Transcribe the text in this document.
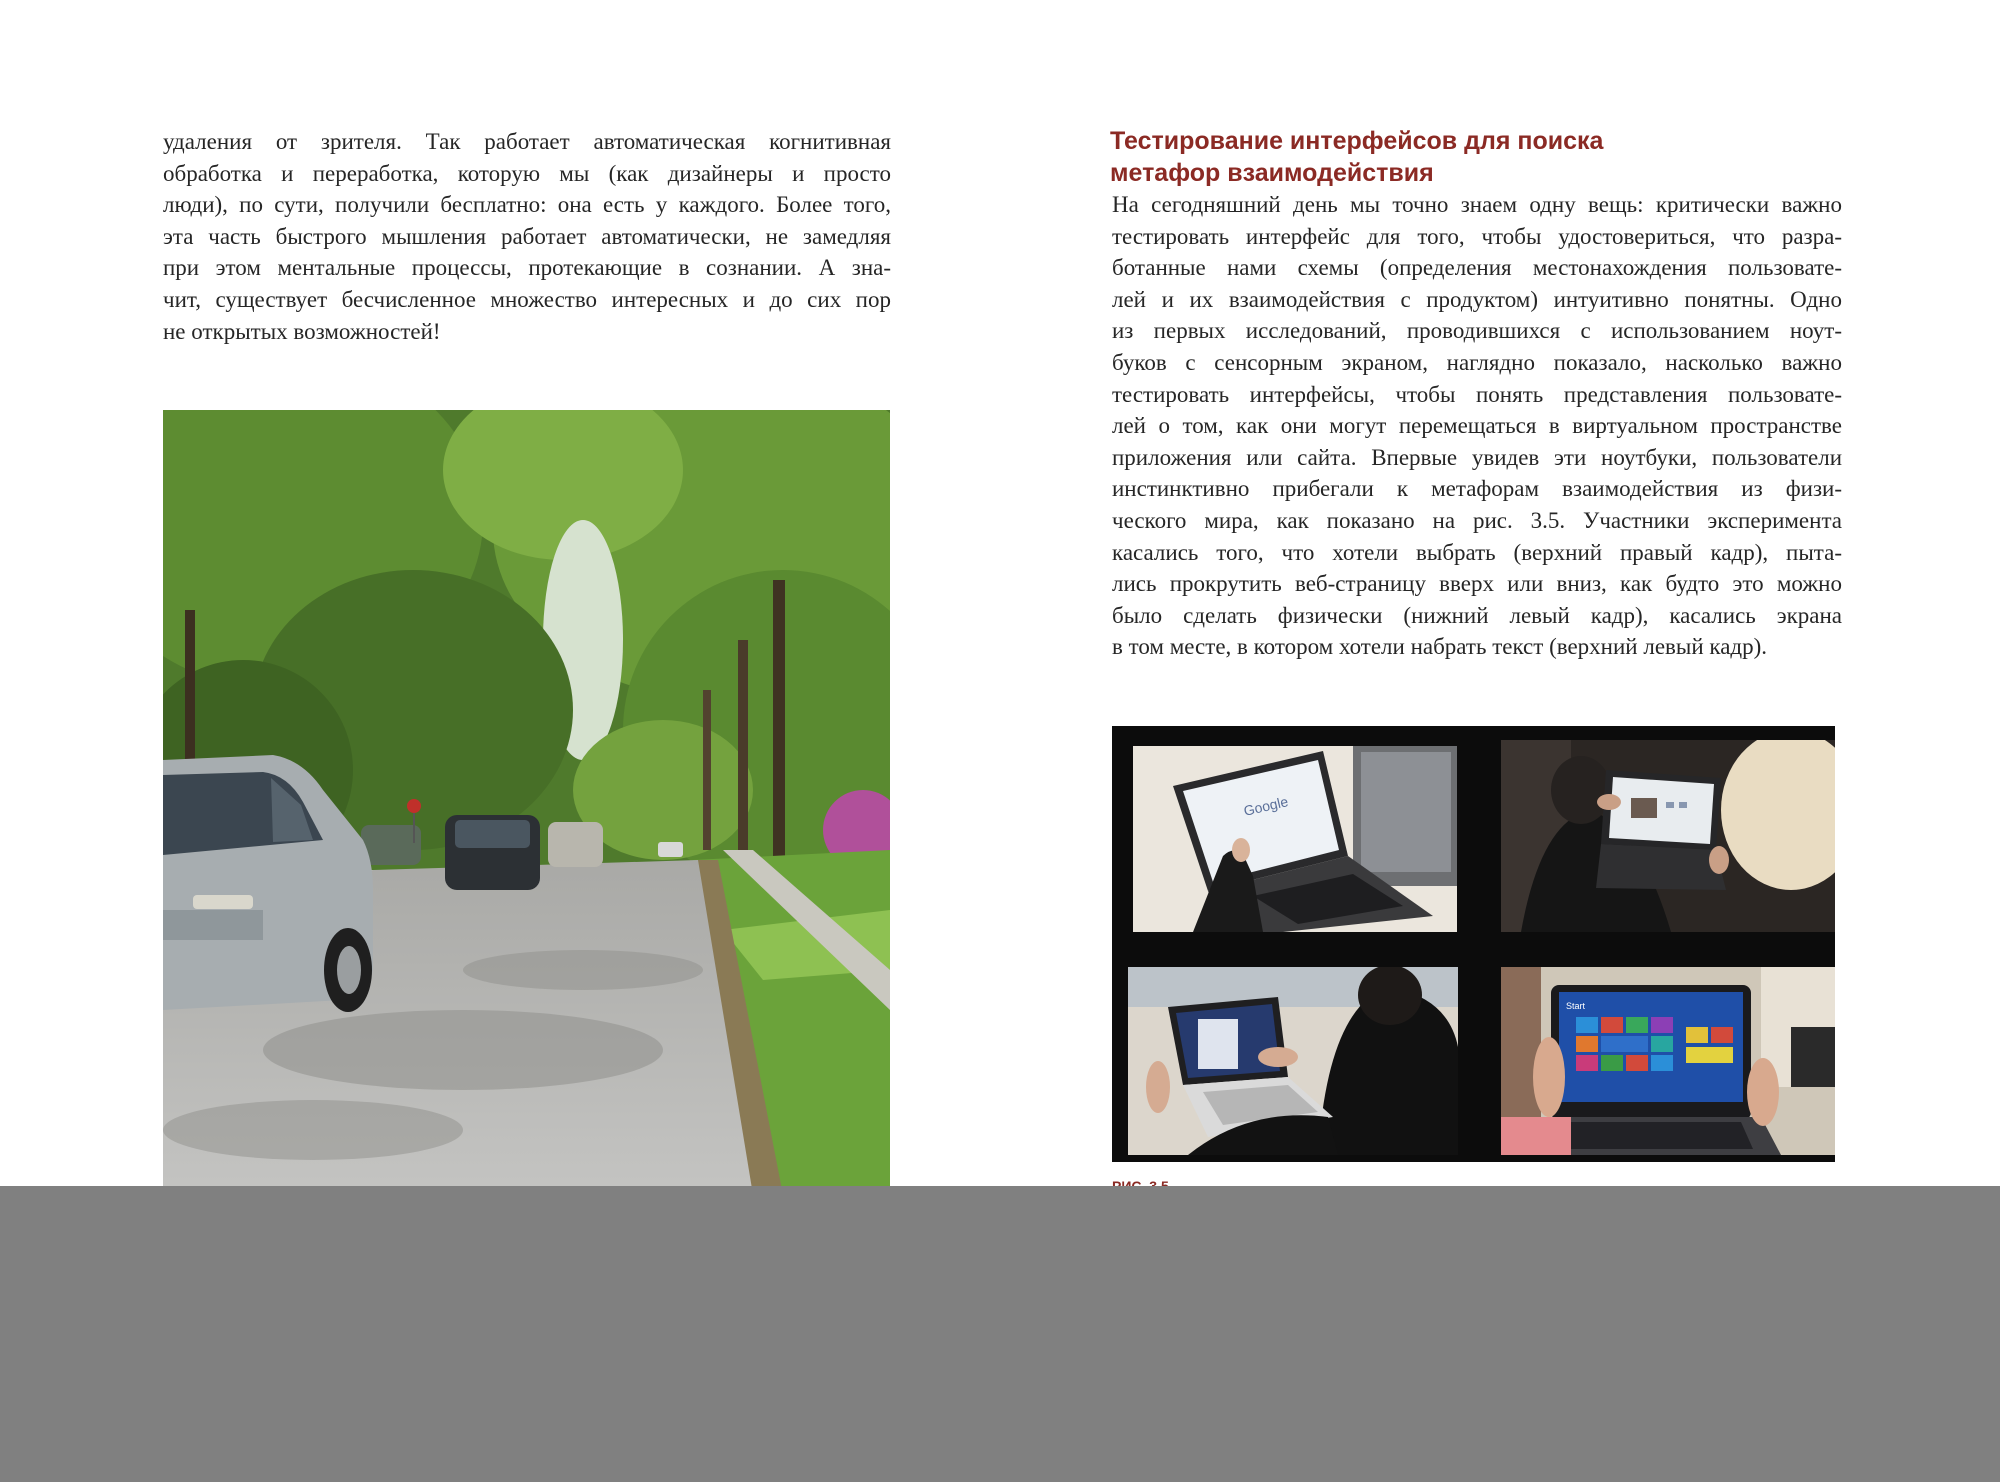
удаления от зрителя. Так работает автоматическая когнитивная
обработка и переработка, которую мы (как дизайнеры и просто
люди), по сути, получили бесплатно: она есть у каждого. Более того,
эта часть быстрого мышления работает автоматически, не замедляя
при этом ментальные процессы, протекающие в сознании. А зна-
чит, существует бесчисленное множество интересных и до сих пор
не открытых возможностей!

Тестирование интерфейсов для поиска
метафор взаимодействия

На сегодняшний день мы точно знаем одну вещь: критически важно
тестировать интерфейс для того, чтобы удостовериться, что разра-
ботанные нами схемы (определения местонахождения пользовате-
лей и их взаимодействия с продуктом) интуитивно понятны. Одно
из первых исследований, проводившихся с использованием ноут-
буков с сенсорным экраном, наглядно показало, насколько важно
тестировать интерфейсы, чтобы понять представления пользовате-
лей о том, как они могут перемещаться в виртуальном пространстве
приложения или сайта. Впервые увидев эти ноутбуки, пользователи
инстинктивно прибегали к метафорам взаимодействия из физи-
ческого мира, как показано на рис. 3.5. Участники эксперимента
касались того, что хотели выбрать (верхний правый кадр), пыта-
лись прокрутить веб-страницу вверх или вниз, как будто это можно
было сделать физически (нижний левый кадр), касались экрана
в том месте, в котором хотели набрать текст (верхний левый кадр).

Google
Start
